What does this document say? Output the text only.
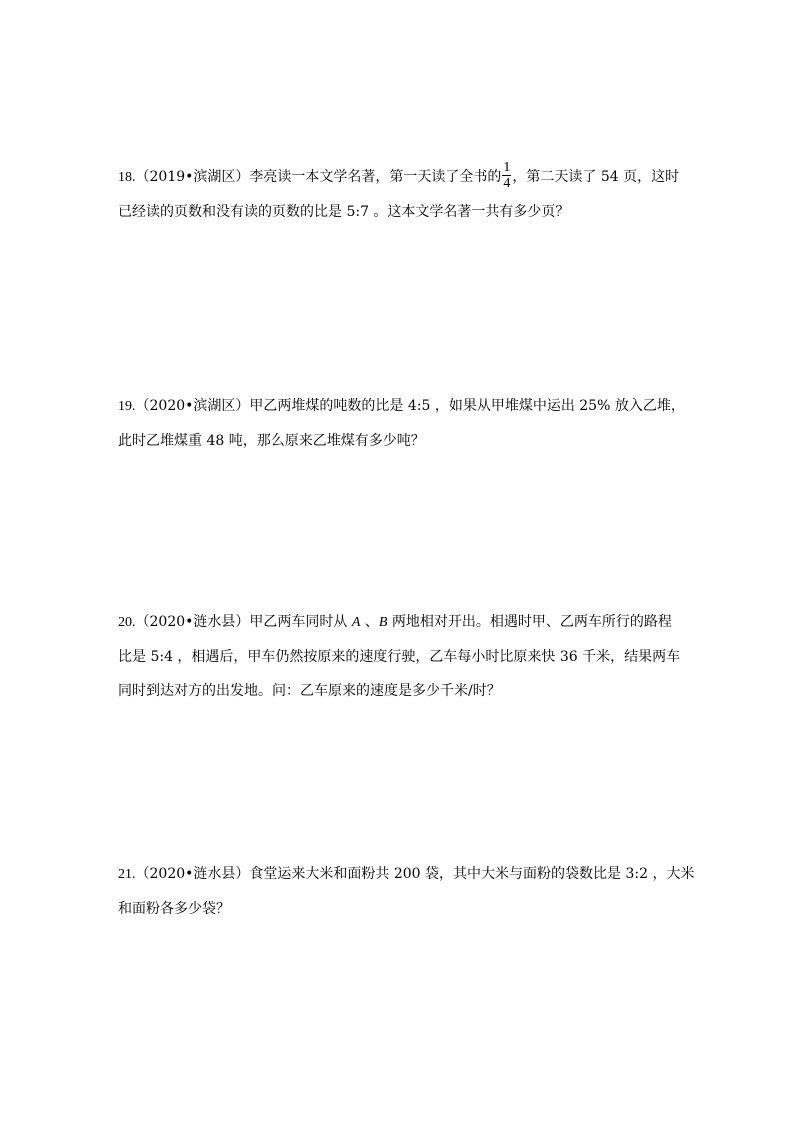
18.（2019•滨湖区）李亮读一本文学名著，第一天读了全书的 $\frac{1}{4}$ ，第二天读了 54 页，这时
已经读的页数和没有读的页数的比是 5:7 。这本文学名著一共有多少页？
19.（2020•滨湖区）甲乙两堆煤的吨数的比是 4:5 ，如果从甲堆煤中运出 25% 放入乙堆，
此时乙堆煤重 48 吨，那么原来乙堆煤有多少吨？
20.（2020•涟水县）甲乙两车同时从 A 、B 两地相对开出。相遇时甲、乙两车所行的路程
比是 5:4 ，相遇后，甲车仍然按原来的速度行驶，乙车每小时比原来快 36 千米，结果两车
同时到达对方的出发地。问：乙车原来的速度是多少千米/时？
21.（2020•涟水县）食堂运来大米和面粉共 200 袋，其中大米与面粉的袋数比是 3:2 ，大米
和面粉各多少袋？
